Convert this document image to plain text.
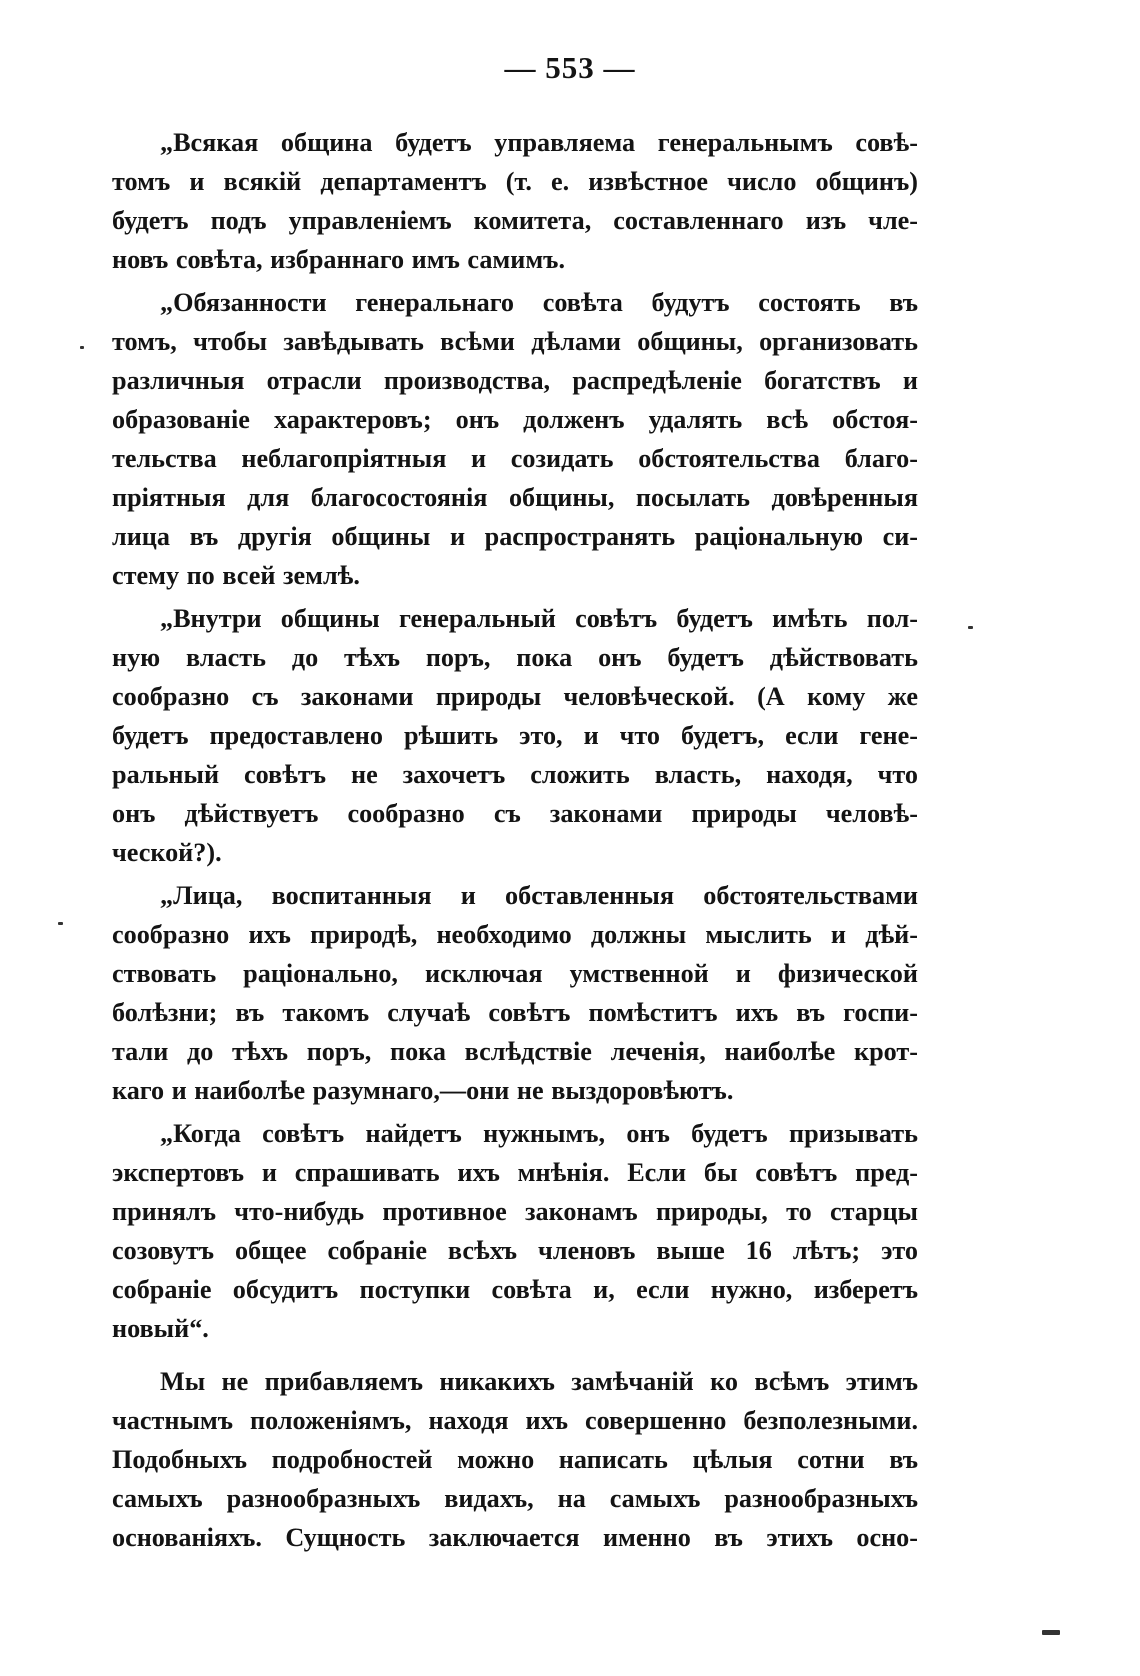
— 553 —
„Всякая община будетъ управляема генеральнымъ совѣ-
томъ и всякій департаментъ (т. е. извѣстное число общинъ)
будетъ подъ управленіемъ комитета, составленнаго изъ чле-
новъ совѣта, избраннаго имъ самимъ.
„Обязанности генеральнаго совѣта будутъ состоять въ
томъ, чтобы завѣдывать всѣми дѣлами общины, организовать
различныя отрасли производства, распредѣленіе богатствъ и
образованіе характеровъ; онъ долженъ удалять всѣ обстоя-
тельства неблагопріятныя и созидать обстоятельства благо-
пріятныя для благосостоянія общины, посылать довѣренныя
лица въ другія общины и распространять раціональную си-
стему по всей землѣ.
„Внутри общины генеральный совѣтъ будетъ имѣть пол-
ную власть до тѣхъ поръ, пока онъ будетъ дѣйствовать
сообразно съ законами природы человѣческой. (А кому же
будетъ предоставлено рѣшить это, и что будетъ, если гене-
ральный совѣтъ не захочетъ сложить власть, находя, что
онъ дѣйствуетъ сообразно съ законами природы человѣ-
ческой?).
„Лица, воспитанныя и обставленныя обстоятельствами
сообразно ихъ природѣ, необходимо должны мыслить и дѣй-
ствовать раціонально, исключая умственной и физической
болѣзни; въ такомъ случаѣ совѣтъ помѣститъ ихъ въ госпи-
тали до тѣхъ поръ, пока вслѣдствіе леченія, наиболѣе крот-
каго и наиболѣе разумнаго,—они не выздоровѣютъ.
„Когда совѣтъ найдетъ нужнымъ, онъ будетъ призывать
экспертовъ и спрашивать ихъ мнѣнія. Если бы совѣтъ пред-
принялъ что-нибудь противное законамъ природы, то старцы
созовутъ общее собраніе всѣхъ членовъ выше 16 лѣтъ; это
собраніе обсудитъ поступки совѣта и, если нужно, изберетъ
новый“.
Мы не прибавляемъ никакихъ замѣчаній ко всѣмъ этимъ
частнымъ положеніямъ, находя ихъ совершенно безполезными.
Подобныхъ подробностей можно написать цѣлыя сотни въ
самыхъ разнообразныхъ видахъ, на самыхъ разнообразныхъ
основаніяхъ. Сущность заключается именно въ этихъ осно-
